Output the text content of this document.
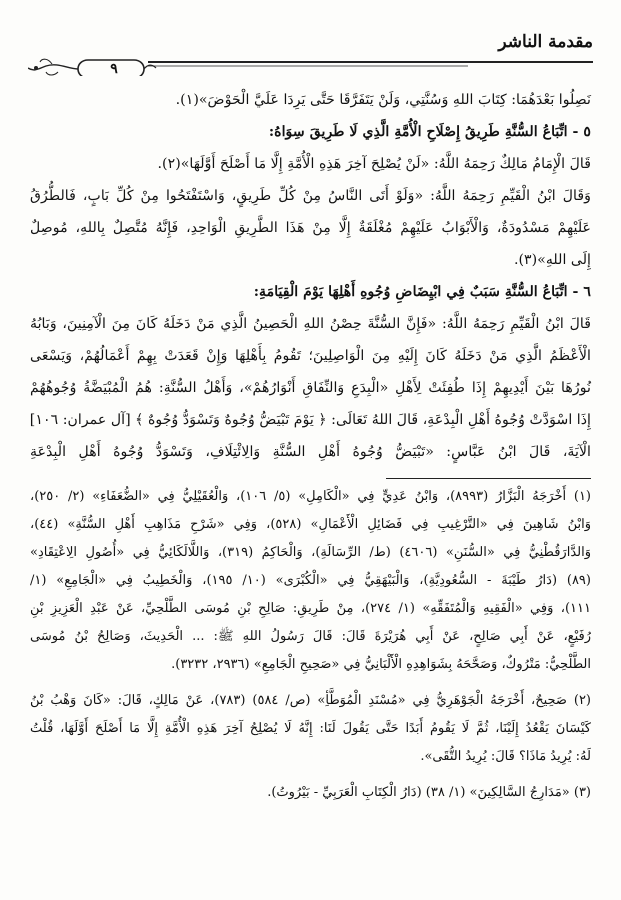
مقدمة الناشر
٩
نَصِلُوا بَعْدَهُمَا: كِتَابَ اللهِ وَسُنَّتِي، وَلَنْ يَتَفَرَّقَا حَتَّى يَرِدَا عَلَيَّ الْحَوْضَ»(١).
٥ - اتِّبَاعُ السُّنَّةِ طَرِيقُ إِصْلَاحِ الْأُمَّةِ الَّذِي لَا طَرِيقَ سِوَاهُ:
قَالَ الْإِمَامُ مَالِكٌ رَحِمَهُ اللَّهُ: «لَنْ يُصْلِحَ آخِرَ هَذِهِ الْأُمَّةِ إِلَّا مَا أَصْلَحَ أَوَّلَهَا»(٢).
وَقَالَ ابْنُ الْقَيِّمِ رَحِمَهُ اللَّهُ: «وَلَوْ أَتَى النَّاسُ مِنْ كُلِّ طَرِيقٍ، وَاسْتَفْتَحُوا مِنْ كُلِّ بَابٍ، فَالطُّرُقُ
عَلَيْهِمْ مَسْدُودَةٌ، وَالْأَبْوَابُ عَلَيْهِمْ مُغْلَقَةٌ إِلَّا مِنْ هَذَا الطَّرِيقِ الْوَاحِدِ، فَإِنَّهُ مُتَّصِلٌ بِاللهِ، مُوصِلٌ
إِلَى اللهِ»(٣).
٦ - اتِّبَاعُ السُّنَّةِ سَبَبٌ فِي ابْيِضَاضِ وُجُوهِ أَهْلِهَا يَوْمَ الْقِيَامَةِ:
قَالَ ابْنُ الْقَيِّمِ رَحِمَهُ اللَّهُ: «فَإِنَّ السُّنَّةَ حِصْنُ اللهِ الْحَصِينُ الَّذِي مَنْ دَخَلَهُ كَانَ مِنَ الْآمِنِينَ، وَبَابُهُ
الْأَعْظَمُ الَّذِي مَنْ دَخَلَهُ كَانَ إِلَيْهِ مِنَ الْوَاصِلِينَ؛ تَقُومُ بِأَهْلِهَا وَإِنْ قَعَدَتْ بِهِمْ أَعْمَالُهُمْ، وَيَسْعَى
نُورُهَا بَيْنَ أَيْدِيهِمْ إِذَا طُفِئَتْ لِأَهْلِ «الْبِدَعِ وَالنِّفَاقِ أَنْوَارُهُمْ»، وَأَهْلُ السُّنَّةِ: هُمُ الْمُبْيَضَّةُ وُجُوهُهُمْ
إِذَا اسْوَدَّتْ وُجُوهُ أَهْلِ الْبِدْعَةِ، قَالَ اللهُ تَعَالَى: ﴿ يَوْمَ تَبْيَضُّ وُجُوهٌ وَتَسْوَدُّ وُجُوهٌ ﴾ [آل عمران: ١٠٦]
الْآيَةَ، قَالَ ابْنُ عَبَّاسٍ: «تَبْيَضُّ وُجُوهُ أَهْلِ السُّنَّةِ وَالِائْتِلَافِ، وَتَسْوَدُّ وُجُوهُ أَهْلِ الْبِدْعَةِ
(١) أَخْرَجَهُ الْبَزَّارُ (٨٩٩٣)، وَابْنُ عَدِيٍّ فِي «الْكَامِلِ» (٥/ ١٠٦)، وَالْعُقَيْلِيُّ فِي «الضُّعَفَاءِ» (٢/ ٢٥٠)،
وَابْنُ شَاهِينَ فِي «التَّرْغِيبِ فِي فَضَائِلِ الْأَعْمَالِ» (٥٢٨)، وَفِي «شَرْحِ مَذَاهِبِ أَهْلِ السُّنَّةِ» (٤٤)،
وَالدَّارَقُطْنِيُّ فِي «السُّنَنِ» (٤٦٠٦) (ط/ الرِّسَالَةِ)، وَالْحَاكِمُ (٣١٩)، وَاللَّالَكَائِيُّ فِي «أُصُولِ الِاعْتِقَادِ»
(٨٩) (دَارُ طَيْبَةَ - السُّعُودِيَّةِ)، وَالْبَيْهَقِيُّ فِي «الْكُبْرَى» (١٠/ ١٩٥)، وَالْخَطِيبُ فِي «الْجَامِعِ» (١/
١١١)، وَفِي «الْفَقِيهِ وَالْمُتَفَقِّهِ» (١/ ٢٧٤)، مِنْ طَرِيقِ: صَالِحِ بْنِ مُوسَى الطَّلْحِيِّ، عَنْ عَبْدِ الْعَزِيزِ بْنِ
رُفَيْعٍ، عَنْ أَبِي صَالِحٍ، عَنْ أَبِي هُرَيْرَةَ قَالَ: قَالَ رَسُولُ اللهِ ﷺ: ... الْحَدِيثَ، وَصَالِحُ بْنُ مُوسَى
الطَّلْحِيُّ: مَتْرُوكٌ، وَصَحَّحَهُ بِشَوَاهِدِهِ الْأَلْبَانِيُّ فِي «صَحِيحِ الْجَامِعِ» (٢٩٣٦، ٣٢٣٢).
(٢) صَحِيحٌ، أَخْرَجَهُ الْجَوْهَرِيُّ فِي «مُسْنَدِ الْمُوَطَّأِ» (ص/ ٥٨٤) (٧٨٣)، عَنْ مَالِكٍ، قَالَ: «كَانَ وَهْبُ بْنُ
كَيْسَانَ يَقْعُدُ إِلَيْنَا، ثُمَّ لَا يَقُومُ أَبَدًا حَتَّى يَقُولَ لَنَا: إِنَّهُ لَا يُصْلِحُ آخِرَ هَذِهِ الْأُمَّةِ إِلَّا مَا أَصْلَحَ أَوَّلَهَا، قُلْتُ
لَهُ: يُرِيدُ مَاذَا؟ قَالَ: يُرِيدُ التُّقَى».
(٣) «مَدَارِجُ السَّالِكِينَ» (١/ ٣٨) (دَارُ الْكِتَابِ الْعَرَبِيِّ - بَيْرُوتُ).
